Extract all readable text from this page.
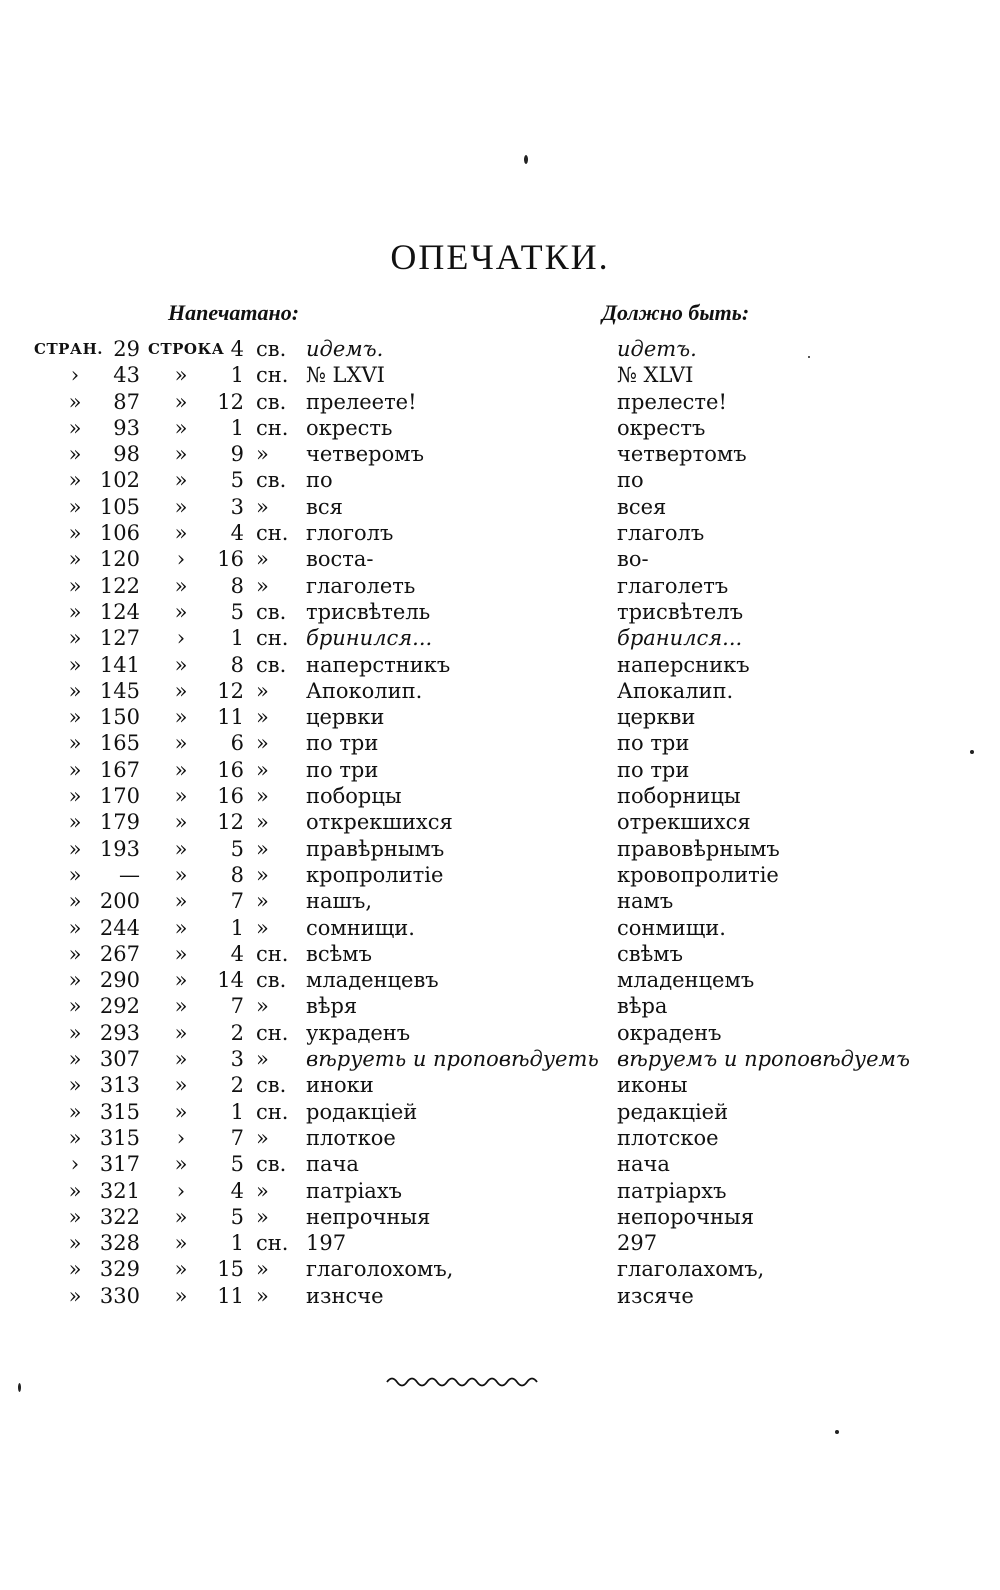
ОПЕЧАТКИ.
Напечатано:	Должно быть:
СТРАН. 29 СТРОКА 4 св. идемъ.	идетъ.
›	43	»	1 сн. № LXVI	№ XLVI
»	87	»	12 св. прелеете!	прелесте!
»	93	»	1 сн. окресть	окрестъ
»	98	»	9 » четверомъ	четвертомъ
» 102	»	5 св. по	по
» 105	»	3 » вся	всея
» 106	»	4 сн. глоголъ	глаголъ
» 120	›	16 » воста-	во-
» 122	»	8 » глаголеть	глаголетъ
» 124	»	5 св. трисвѣтель	трисвѣтелъ
» 127	›	1 сн. бринился...	бранился...
» 141	»	8 св. наперстникъ	наперсникъ
» 145	»	12 » Апоколип.	Апокалип.
» 150	»	11 » цервки	церкви
» 165	»	6 » по три	по три
» 167	»	16 » по три	по три
» 170	»	16 » поборцы	поборницы
» 179	»	12 » открекшихся	отрекшихся
» 193	»	5 » правѣрнымъ	правовѣрнымъ
»	—	»	8 » кропролитіе	кровопролитіе
» 200	»	7 » нашъ,	намъ
» 244	»	1 » сомнищи.	сонмищи.
» 267	»	4 сн. всѣмъ	свѣмъ
» 290	»	14 св. младенцевъ	младенцемъ
» 292	»	7 » вѣря	вѣра
» 293	»	2 сн. украденъ	окраденъ
» 307	»	3 » вѣруеть и проповѣдуеть вѣруемъ и проповѣдуемъ
» 313	»	2 св. иноки	иконы
» 315	»	1 сн. родакціей	редакціей
» 315	›	7 » плоткое	плотское
› 317	»	5 св. пача	нача
» 321	›	4 » патріахъ	патріархъ
» 322	»	5 » непрочныя	непорочныя
» 328	»	1 сн. 197	297
» 329	»	15 » глаголохомъ,	глаголахомъ,
» 330	»	11 » изнсче	изсяче
